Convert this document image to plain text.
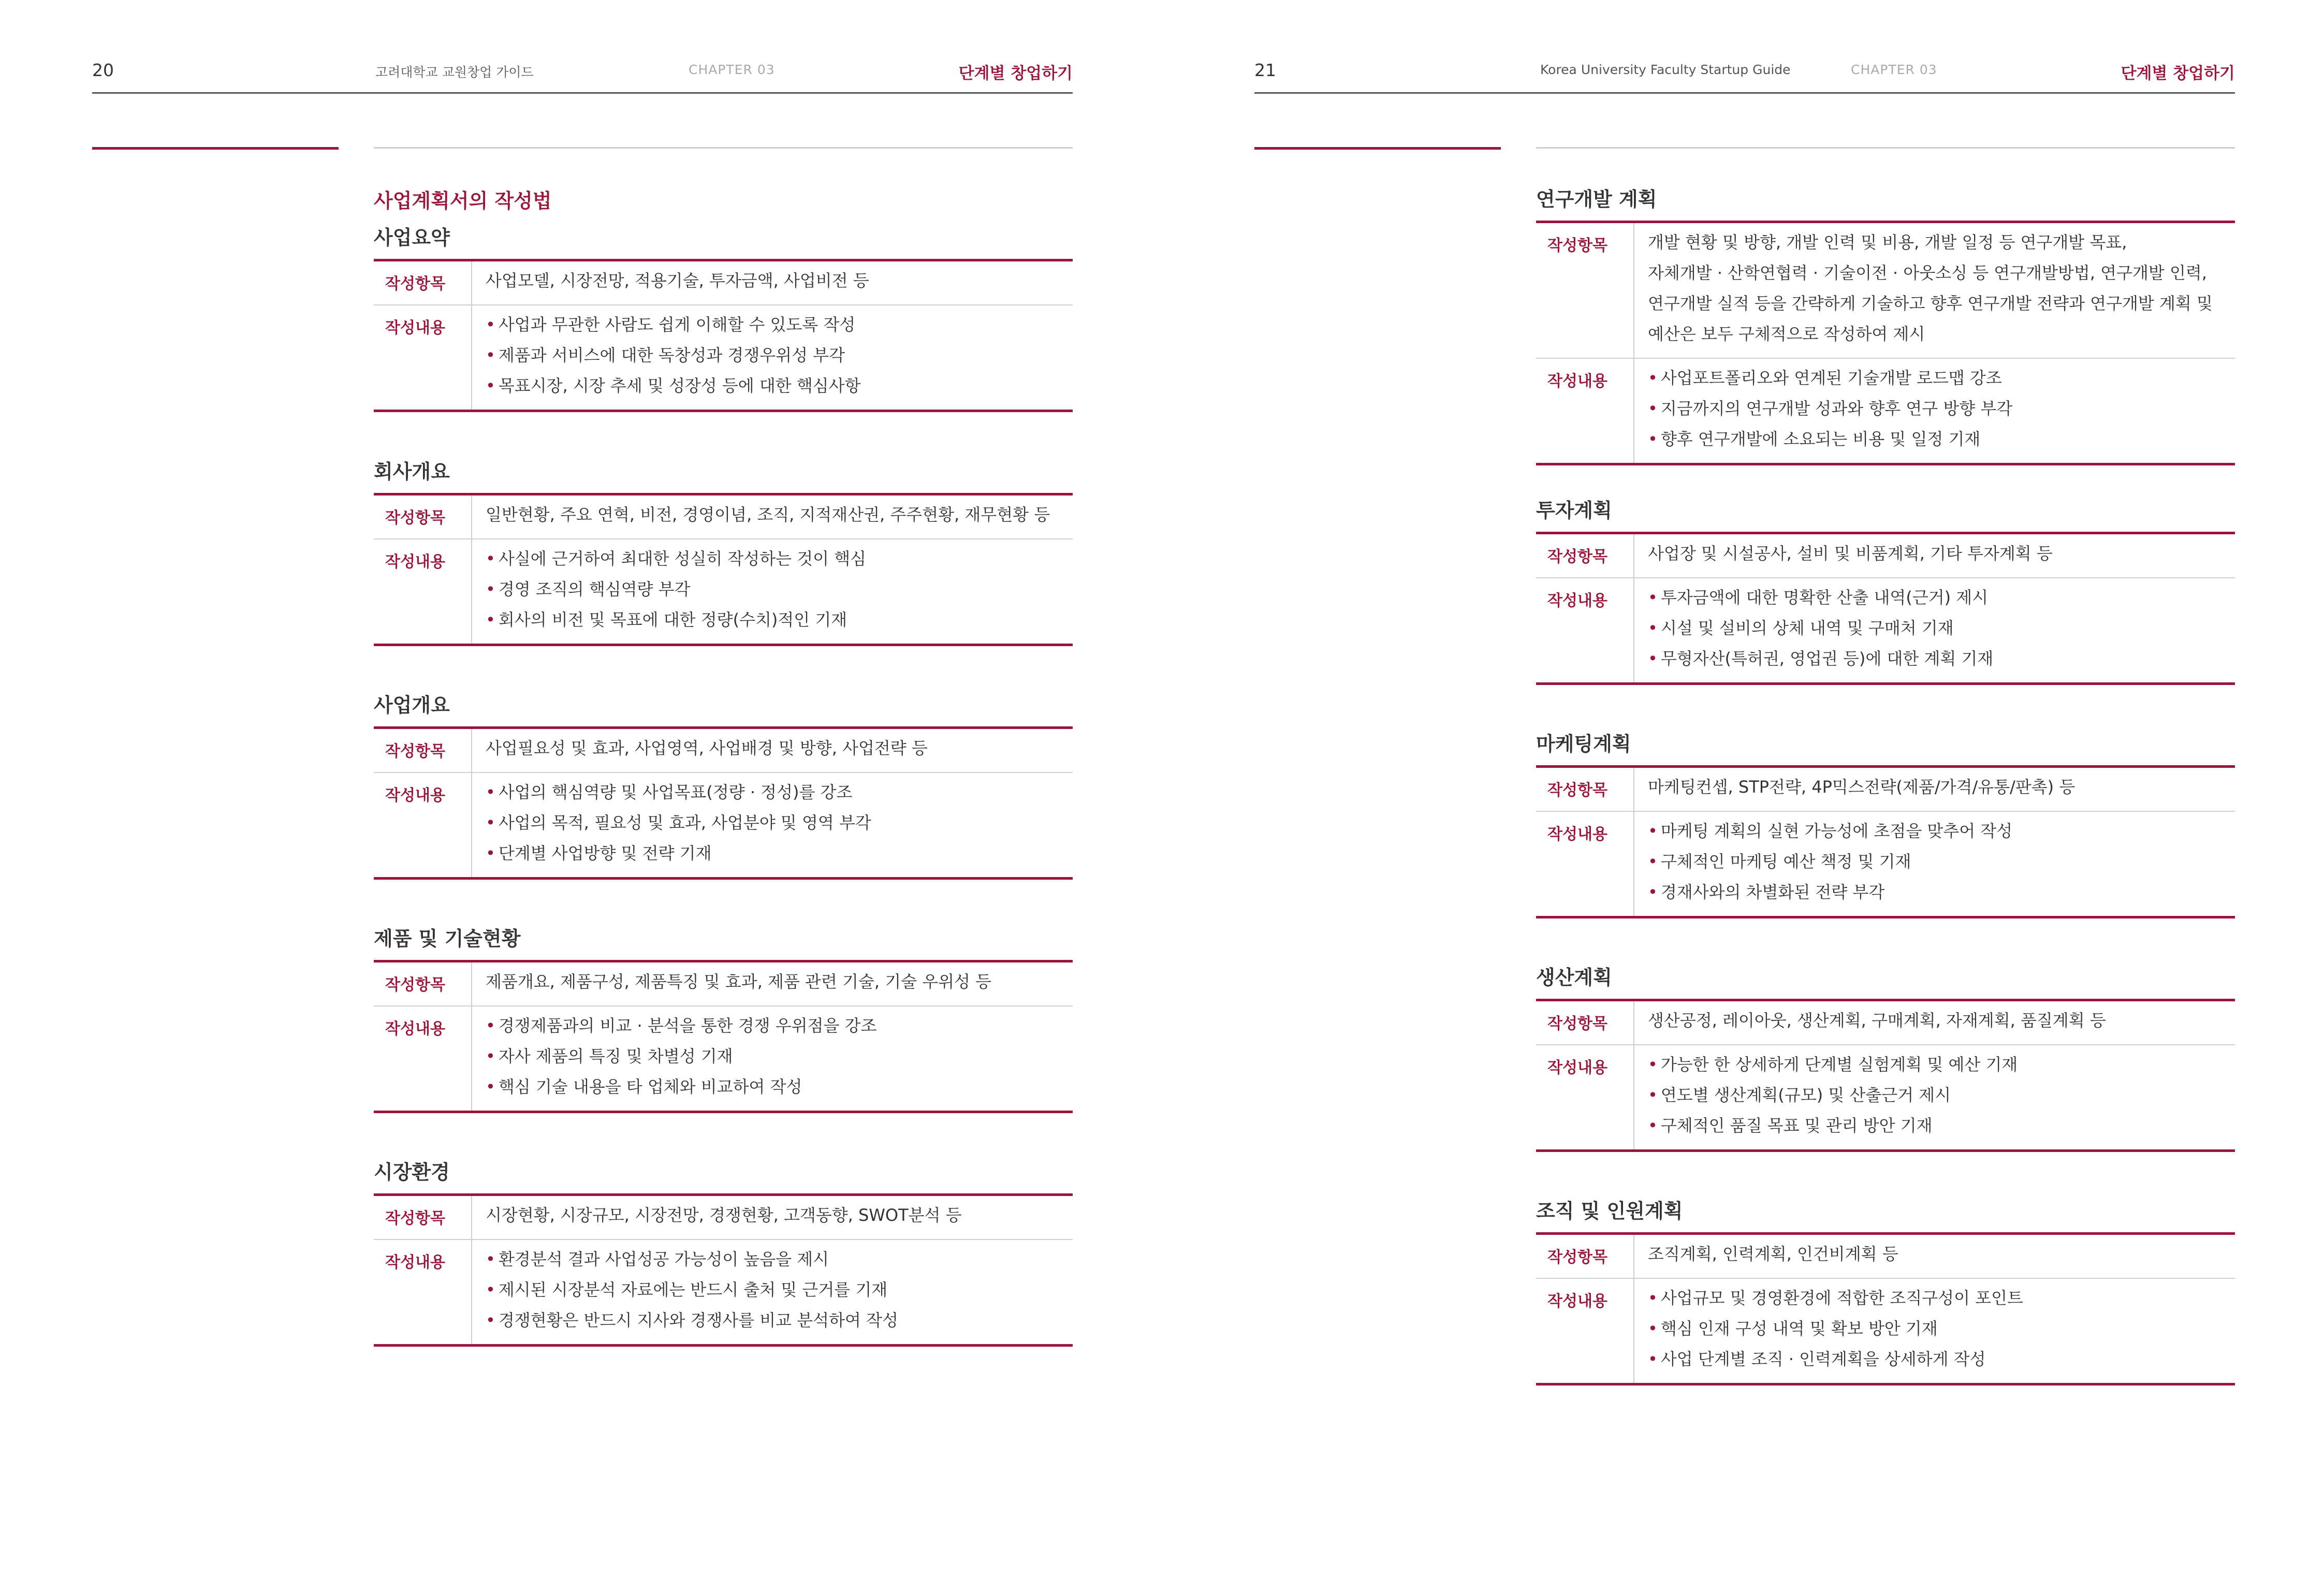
20	고려대학교 교원창업 가이드	CHAPTER 03	단계별 창업하기
사업계획서의 작성법
사업요약
작성항목	사업모델, 시장전망, 적용기술, 투자금액, 사업비전 등
작성내용	• 사업과 무관한 사람도 쉽게 이해할 수 있도록 작성
• 제품과 서비스에 대한 독창성과 경쟁우위성 부각
• 목표시장, 시장 추세 및 성장성 등에 대한 핵심사항
회사개요
작성항목	일반현황, 주요 연혁, 비전, 경영이념, 조직, 지적재산권, 주주현황, 재무현황 등
작성내용	• 사실에 근거하여 최대한 성실히 작성하는 것이 핵심
• 경영 조직의 핵심역량 부각
• 회사의 비전 및 목표에 대한 정량(수치)적인 기재
사업개요
작성항목	사업필요성 및 효과, 사업영역, 사업배경 및 방향, 사업전략 등
작성내용	• 사업의 핵심역량 및 사업목표(정량 · 정성)를 강조
• 사업의 목적, 필요성 및 효과, 사업분야 및 영역 부각
• 단계별 사업방향 및 전략 기재
제품 및 기술현황
작성항목	제품개요, 제품구성, 제품특징 및 효과, 제품 관련 기술, 기술 우위성 등
작성내용	• 경쟁제품과의 비교 · 분석을 통한 경쟁 우위점을 강조
• 자사 제품의 특징 및 차별성 기재
• 핵심 기술 내용을 타 업체와 비교하여 작성
시장환경
작성항목	시장현황, 시장규모, 시장전망, 경쟁현황, 고객동향, SWOT분석 등
작성내용	• 환경분석 결과 사업성공 가능성이 높음을 제시
• 제시된 시장분석 자료에는 반드시 출처 및 근거를 기재
• 경쟁현황은 반드시 지사와 경쟁사를 비교 분석하여 작성
21	Korea University Faculty Startup Guide	CHAPTER 03	단계별 창업하기
연구개발 계획
작성항목	개발 현황 및 방향, 개발 인력 및 비용, 개발 일정 등 연구개발 목표,
자체개발 · 산학연협력 · 기술이전 · 아웃소싱 등 연구개발방법, 연구개발 인력,
연구개발 실적 등을 간략하게 기술하고 향후 연구개발 전략과 연구개발 계획 및
예산은 보두 구체적으로 작성하여 제시
작성내용	• 사업포트폴리오와 연계된 기술개발 로드맵 강조
• 지금까지의 연구개발 성과와 향후 연구 방향 부각
• 향후 연구개발에 소요되는 비용 및 일정 기재
투자계획
작성항목	사업장 및 시설공사, 설비 및 비품계획, 기타 투자계획 등
작성내용	• 투자금액에 대한 명확한 산출 내역(근거) 제시
• 시설 및 설비의 상체 내역 및 구매처 기재
• 무형자산(특허권, 영업권 등)에 대한 계획 기재
마케팅계획
작성항목	마케팅컨셉, STP전략, 4P믹스전략(제품/가격/유통/판촉) 등
작성내용	• 마케팅 계획의 실현 가능성에 초점을 맞추어 작성
• 구체적인 마케팅 예산 책정 및 기재
• 경재사와의 차별화된 전략 부각
생산계획
작성항목	생산공정, 레이아웃, 생산계획, 구매계획, 자재계획, 품질계획 등
작성내용	• 가능한 한 상세하게 단계별 실험계획 및 예산 기재
• 연도별 생산계획(규모) 및 산출근거 제시
• 구체적인 품질 목표 및 관리 방안 기재
조직 및 인원계획
작성항목	조직계획, 인력계획, 인건비계획 등
작성내용	• 사업규모 및 경영환경에 적합한 조직구성이 포인트
• 핵심 인재 구성 내역 및 확보 방안 기재
• 사업 단계별 조직 · 인력계획을 상세하게 작성
